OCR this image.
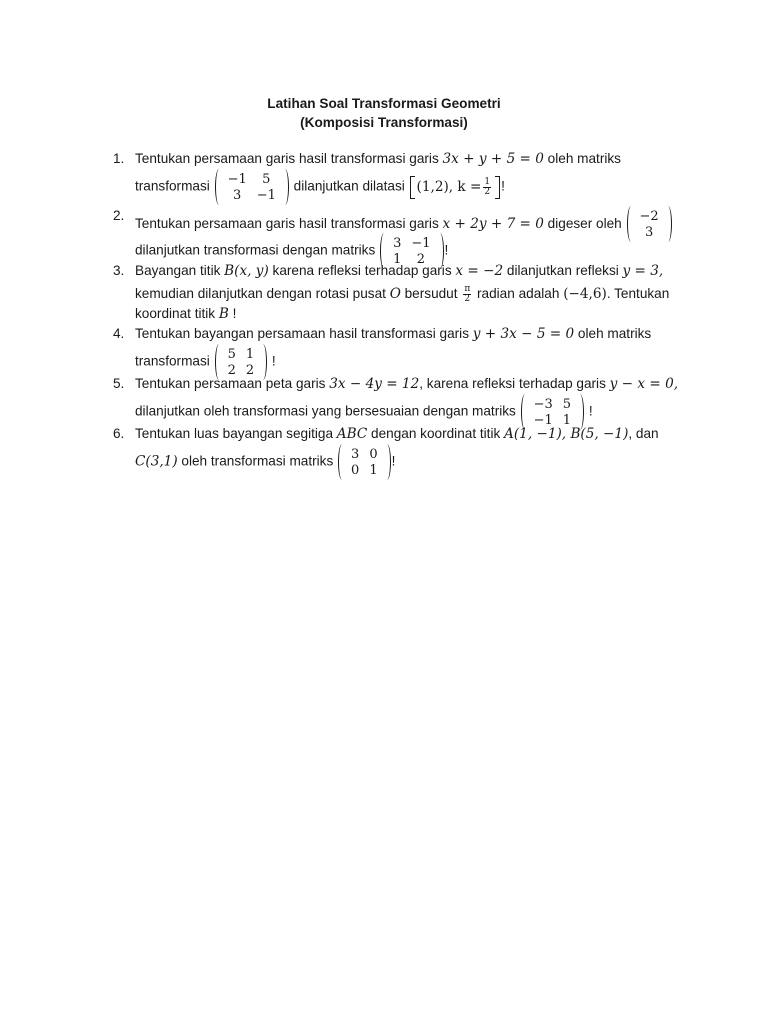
Latihan Soal Transformasi Geometri
(Komposisi Transformasi)
1. Tentukan persamaan garis hasil transformasi garis 3x + y + 5 = 0 oleh matriks
transformasi −1	5
3	−1
dilanjutkan dilatasi
(1,2), $k = \frac{1}{2}$ !
2.
Tentukan persamaan garis hasil transformasi garis x + 2y + 7 = 0 digeser oleh −2
3
dilanjutkan transformasi dengan matriks 3	−1
1	2
!
3. Bayangan titik B(x, y) karena refleksi terhadap garis x = −2 dilanjutkan refleksi y = 3,
kemudian dilanjutkan dengan rotasi pusat O bersudut $\frac{\pi}{2}$ radian adalah (−4,6). Tentukan
koordinat titik B !
4. Tentukan bayangan persamaan hasil transformasi garis y + 3x − 5 = 0 oleh matriks
transformasi 5	1
2	2
!
5. Tentukan persamaan peta garis 3x − 4y = 12, karena refleksi terhadap garis y − x = 0,
dilanjutkan oleh transformasi yang bersesuaian dengan matriks −3	5
−1	1
!
6. Tentukan luas bayangan segitiga ABC dengan koordinat titik A(1, −1), B(5, −1), dan
C(3,1) oleh transformasi matriks 3	0
0	1
!
